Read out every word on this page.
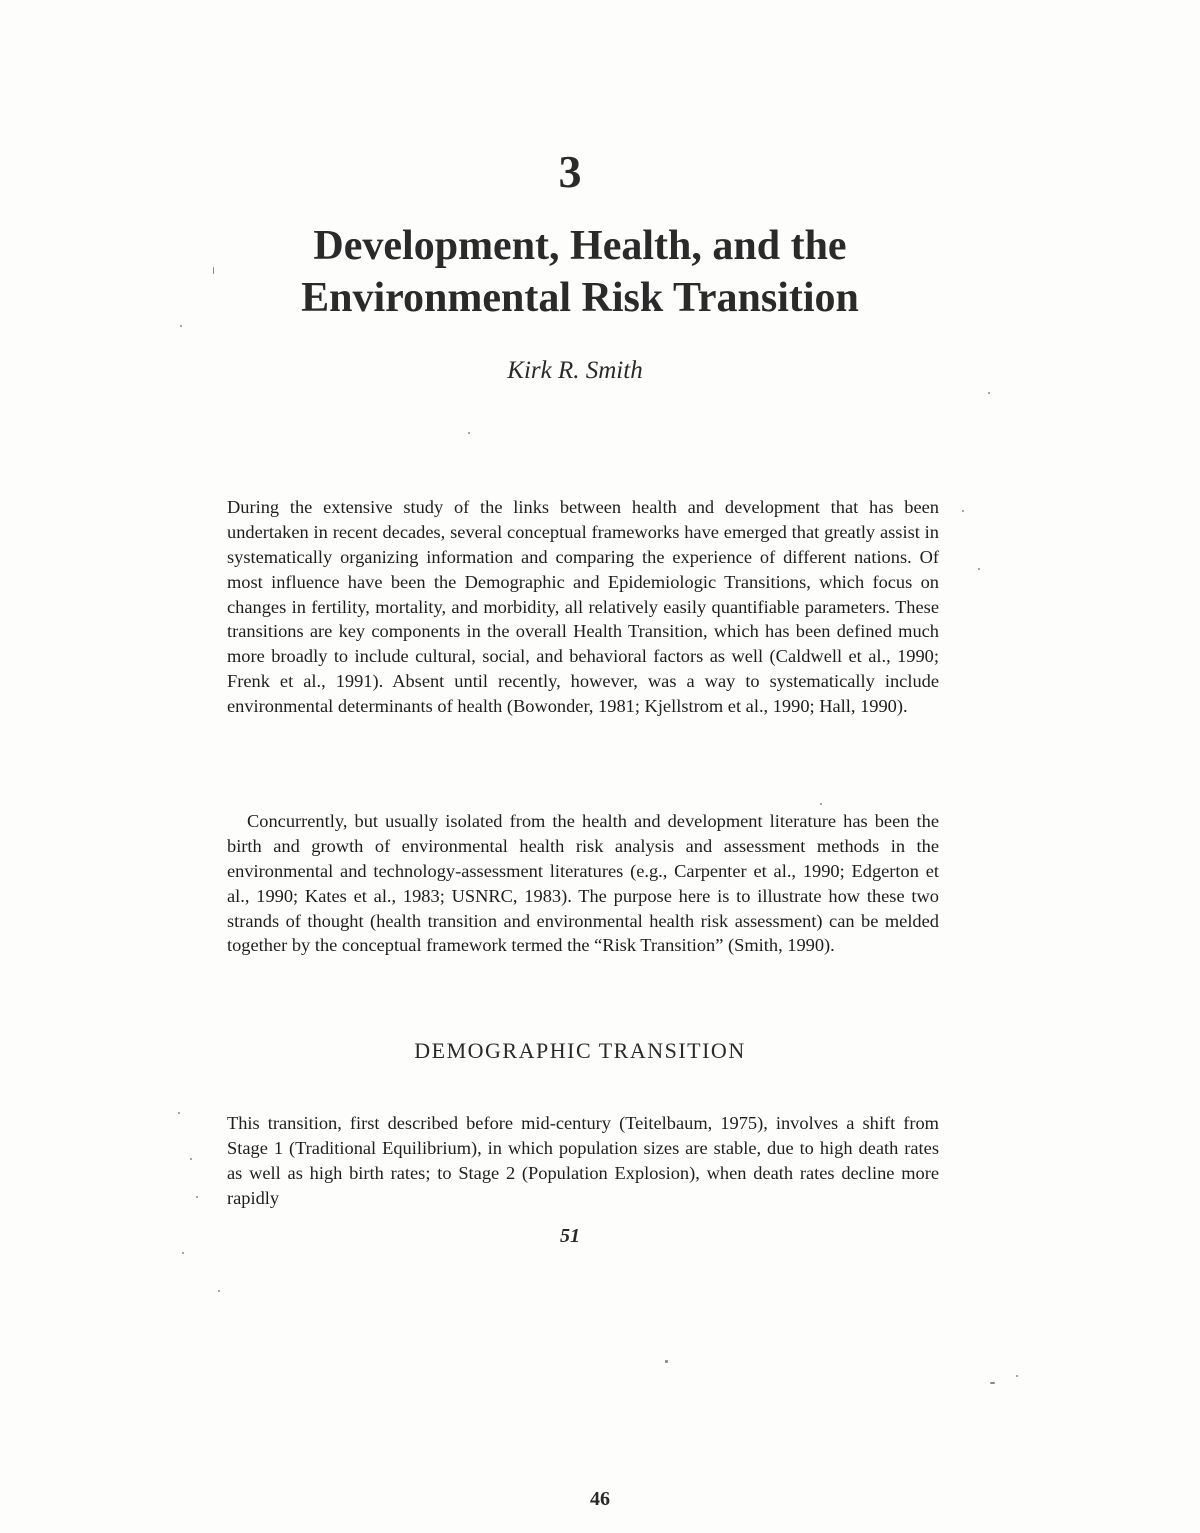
3
Development, Health, and the Environmental Risk Transition
Kirk R. Smith

During the extensive study of the links between health and development that has been undertaken in recent decades, several conceptual frameworks have emerged that greatly assist in systematically organizing information and comparing the experience of different nations. Of most influence have been the Demographic and Epidemiologic Transitions, which focus on changes in fertility, mortality, and morbidity, all relatively easily quantifiable parameters. These transitions are key components in the overall Health Transition, which has been defined much more broadly to include cultural, social, and behavioral factors as well (Caldwell et al., 1990; Frenk et al., 1991). Absent until recently, however, was a way to systematically include environmental determinants of health (Bowonder, 1981; Kjellstrom et al., 1990; Hall, 1990).

Concurrently, but usually isolated from the health and development literature has been the birth and growth of environmental health risk analysis and assessment methods in the environmental and technology-assessment literatures (e.g., Carpenter et al., 1990; Edgerton et al., 1990; Kates et al., 1983; USNRC, 1983). The purpose here is to illustrate how these two strands of thought (health transition and environmental health risk assessment) can be melded together by the conceptual framework termed the “Risk Transition” (Smith, 1990).

DEMOGRAPHIC TRANSITION

This transition, first described before mid-century (Teitelbaum, 1975), involves a shift from Stage 1 (Traditional Equilibrium), in which population sizes are stable, due to high death rates as well as high birth rates; to Stage 2 (Population Explosion), when death rates decline more rapidly

51
46
